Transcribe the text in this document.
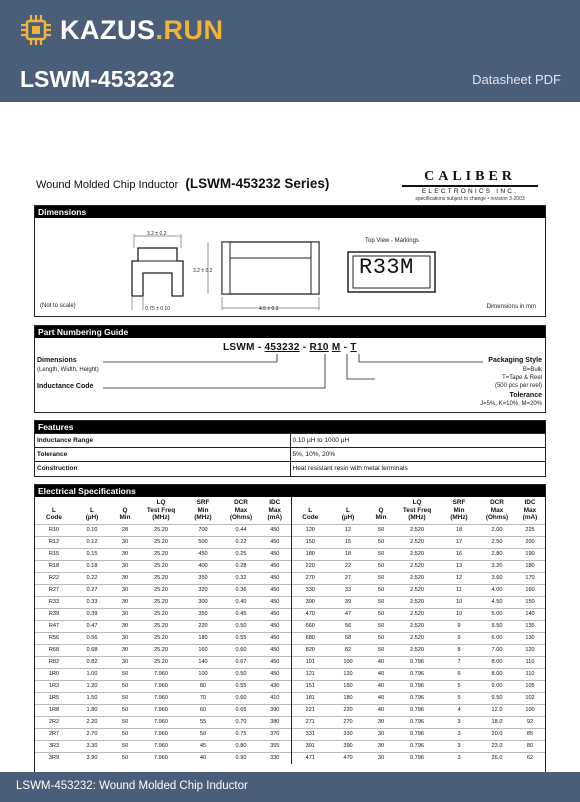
KAZUS.RUN
LSWM-453232	Datasheet PDF
Wound Molded Chip Inductor (LSWM-453232 Series)	CALIBER
ELECTRONICS INC.
specifications subject to change • revision 3-2003
Dimensions
3.2 ± 0.2
3.2 ± 0.2
0.75 ± 0.10	4.5 ± 0.3
Top View - Markings
R33M
(Not to scale)	Dimensions in mm
Part Numbering Guide
LSWM - 453232 - R10 M - T
Dimensions
(Length, Width, Height)
Inductance Code
Packaging Style
B=Bulk
T=Tape & Reel
(500 pcs per reel)
Tolerance
J=5%, K=10%, M=20%
Features
Inductance Range	0.10 µH to 1000 µH
Tolerance	5%, 10%, 20%
Construction	Heat resistant resin with metal terminals
Electrical Specifications
L
Code	L
(µH)	Q
Min	LQ
Test Freq
(MHz)	SRF
Min
(MHz)	DCR
Max
(Ohms)	IDC
Max
(mA)	L
Code	L
(µH)	Q
Min	LQ
Test Freq
(MHz)	SRF
Min
(MHz)	DCR
Max
(Ohms)	IDC
Max
(mA)
R10	0.10	28	25.20	700	0.44	450	120	12	50	2.520	18	2.00	225
R12	0.12	30	25.20	500	0.22	450	150	15	50	2.520	17	2.50	200
R15	0.15	30	25.20	450	0.25	450	180	18	50	2.520	16	2.80	190
R18	0.18	30	25.20	400	0.28	450	220	22	50	2.520	13	3.20	180
R22	0.22	30	25.20	350	0.32	450	270	27	50	2.520	12	3.60	170
R27	0.27	30	25.20	320	0.36	450	330	33	50	2.520	11	4.00	160
R33	0.33	30	25.20	300	0.40	450	390	39	50	2.520	10	4.50	150
R39	0.39	30	25.20	350	0.45	450	470	47	50	2.520	10	5.00	140
R47	0.47	30	25.20	220	0.50	450	560	56	50	2.520	9	5.50	135
R56	0.56	30	25.20	180	0.55	450	680	68	50	2.520	9	6.00	130
R68	0.68	30	25.20	160	0.60	450	820	82	50	2.520	8	7.00	120
R82	0.82	30	25.20	140	0.67	450	101	100	40	0.796	7	8.00	110
1R0	1.00	50	7.960	100	0.50	450	121	120	40	0.796	6	8.00	110
1R3	1.20	50	7.960	80	0.55	430	151	150	40	0.796	5	9.00	105
1R5	1.50	50	7.960	70	0.60	410	181	180	40	0.796	5	9.50	102
1R8	1.80	50	7.960	60	0.65	390	221	220	40	0.796	4	12.0	100
2R2	2.20	50	7.960	55	0.70	380	271	270	30	0.796	3	18.0	92
2R7	2.70	50	7.960	50	0.75	370	331	330	30	0.796	3	20.0	85
3R3	3.30	50	7.960	45	0.80	355	391	390	30	0.796	3	23.0	80
3R9	3.90	50	7.960	40	0.90	330	471	470	30	0.796	3	26.0	62
LSWM-453232: Wound Molded Chip Inductor
